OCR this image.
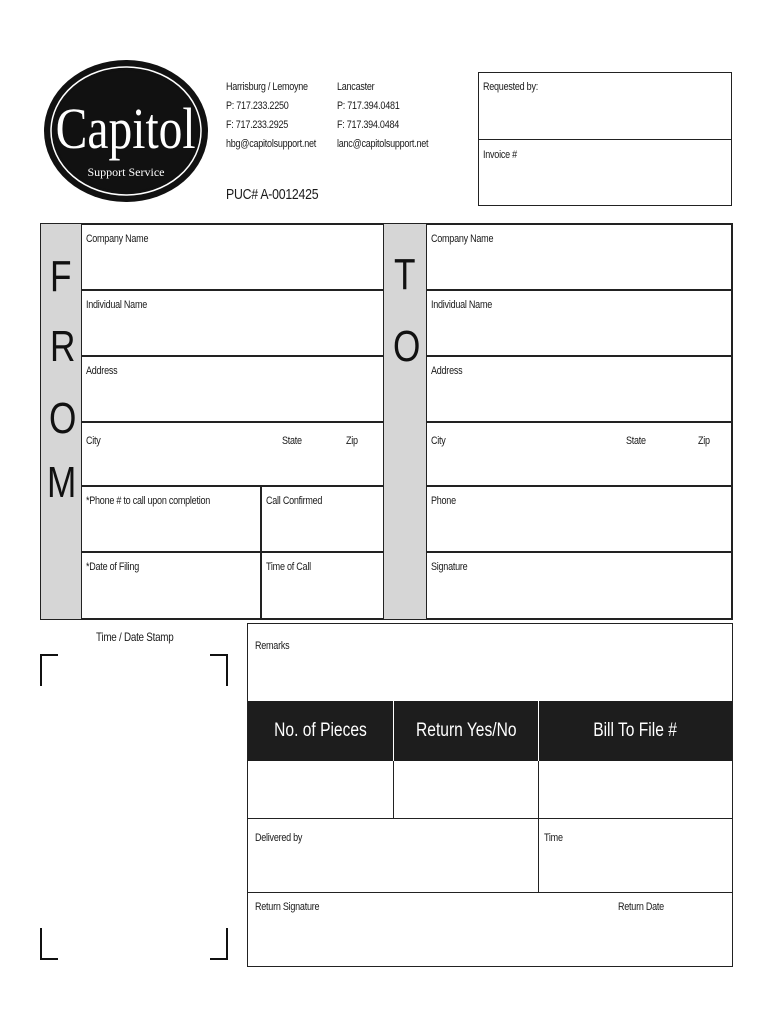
Capitol
Support Service
Harrisburg / Lemoyne
P: 717.233.2250
F: 717.233.2925
hbg@capitolsupport.net
Lancaster
P: 717.394.0481
F: 717.394.0484
lanc@capitolsupport.net
PUC# A-0012425
Requested by:
Invoice #
F
R
O
M
T
O
Company Name
Individual Name
Address
City	State	Zip
*Phone # to call upon completion	Call Confirmed
*Date of Filing	Time of Call
Company Name
Individual Name
Address
City	State	Zip
Phone
Signature
Time / Date Stamp
Remarks
No. of Pieces	Return Yes/No	Bill To File #
Delivered by	Time
Return Signature	Return Date
